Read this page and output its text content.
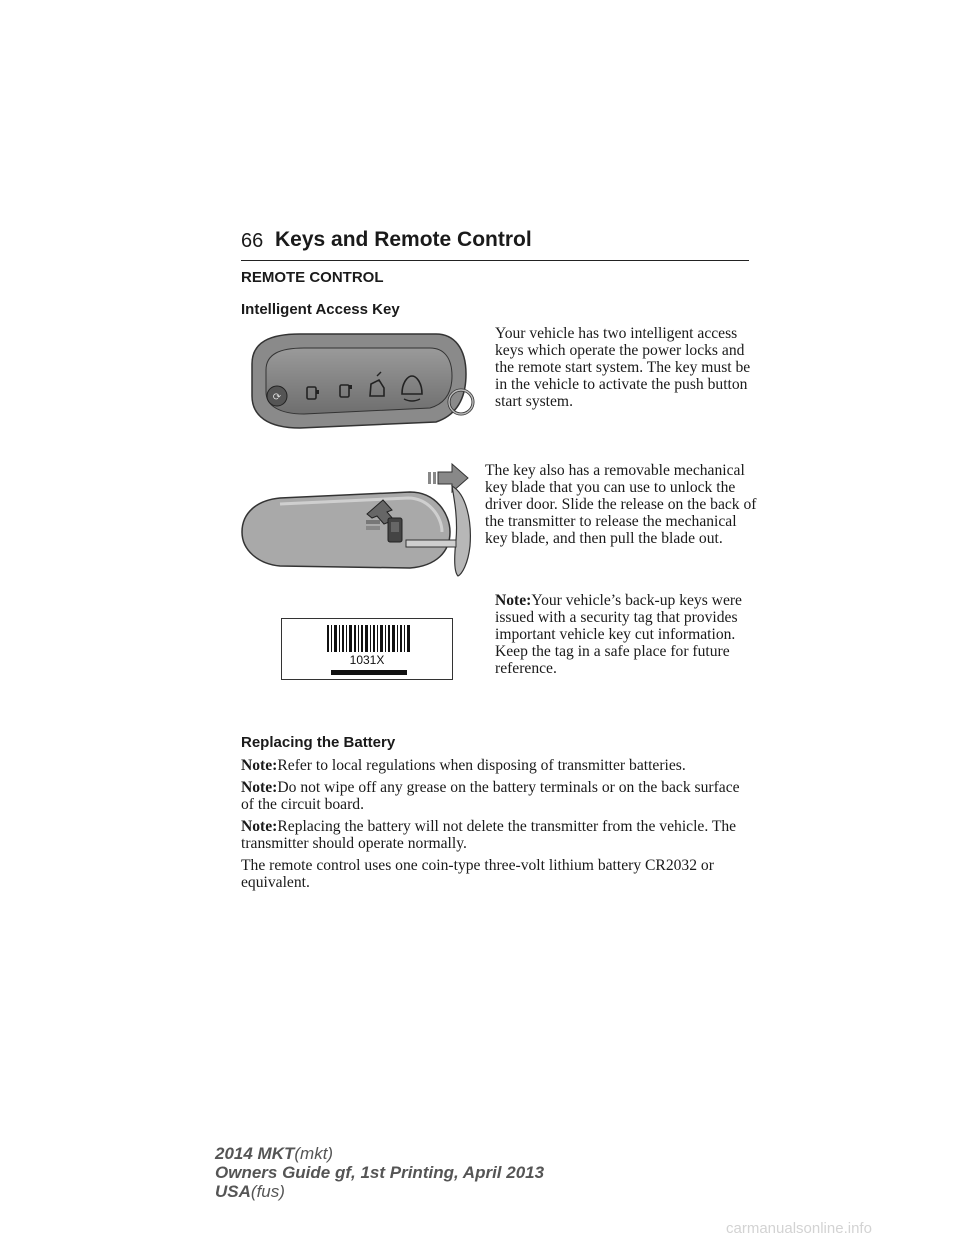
66 Keys and Remote Control
REMOTE CONTROL
Intelligent Access Key
⟳

Your vehicle has two intelligent access keys which operate the power locks and the remote start system. The key must be in the vehicle to activate the push button start system.

The key also has a removable mechanical key blade that you can use to unlock the driver door. Slide the release on the back of the transmitter to release the mechanical key blade, and then pull the blade out.

1031X

Note:Your vehicle’s back-up keys were issued with a security tag that provides important vehicle key cut information. Keep the tag in a safe place for future reference.

Replacing the Battery

Note:Refer to local regulations when disposing of transmitter batteries.

Note:Do not wipe off any grease on the battery terminals or on the back surface of the circuit board.

Note:Replacing the battery will not delete the transmitter from the vehicle. The transmitter should operate normally.

The remote control uses one coin-type three-volt lithium battery CR2032 or equivalent.

2014 MKT(mkt)
Owners Guide gf, 1st Printing, April 2013
USA(fus)
carmanualsonline.info
